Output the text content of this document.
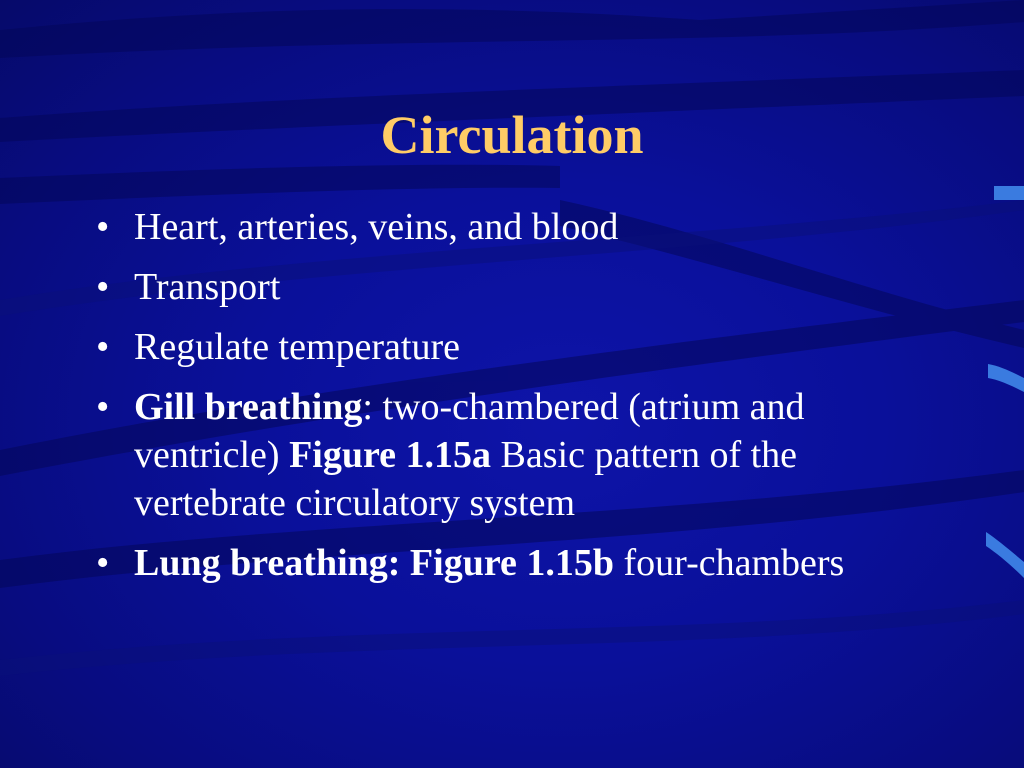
Circulation
• Heart, arteries, veins, and blood
• Transport
• Regulate temperature
• Gill breathing: two-chambered (atrium and ventricle) Figure 1.15a Basic pattern of the vertebrate circulatory system
• Lung breathing: Figure 1.15b four-chambers
